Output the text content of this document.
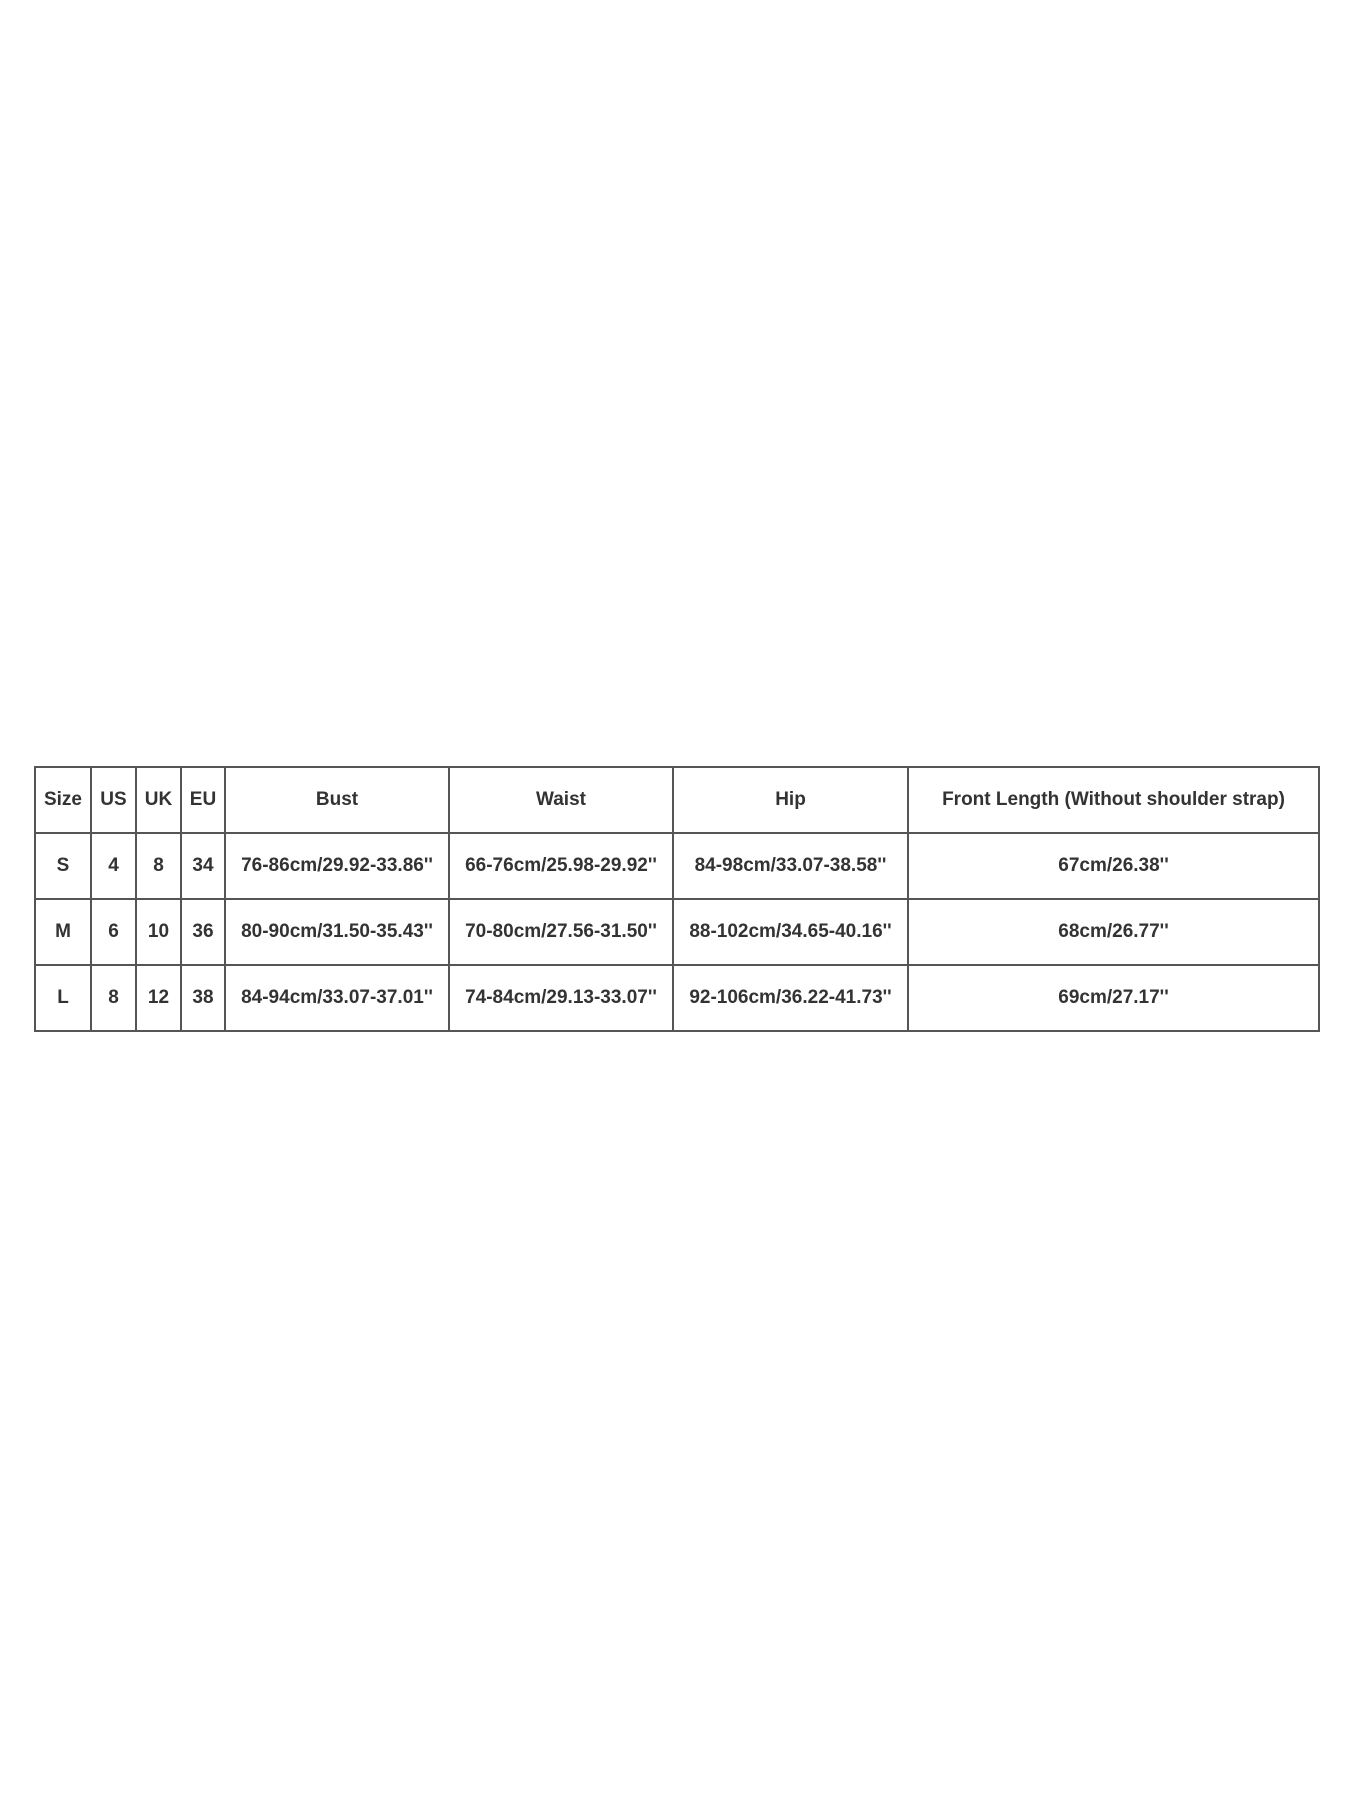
Size	US	UK	EU	Bust	Waist	Hip	Front Length (Without shoulder strap)
S	4	8	34	76-86cm/29.92-33.86''	66-76cm/25.98-29.92''	84-98cm/33.07-38.58''	67cm/26.38''
M	6	10	36	80-90cm/31.50-35.43''	70-80cm/27.56-31.50''	88-102cm/34.65-40.16''	68cm/26.77''
L	8	12	38	84-94cm/33.07-37.01''	74-84cm/29.13-33.07''	92-106cm/36.22-41.73''	69cm/27.17''
